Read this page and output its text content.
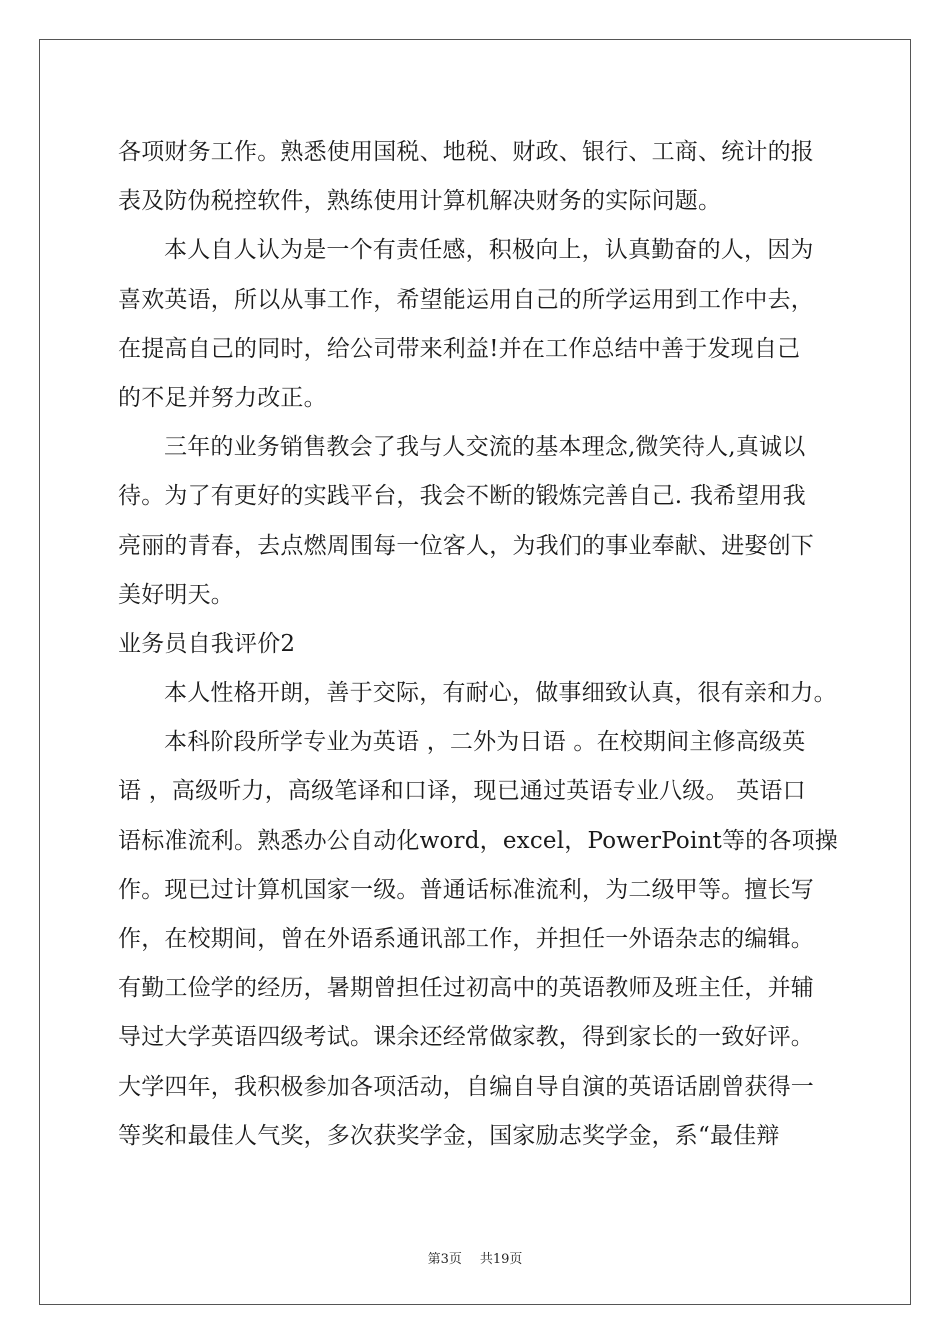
各项财务工作。熟悉使用国税、地税、财政、银行、工商、统计的报
表及防伪税控软件，熟练使用计算机解决财务的实际问题。
本人自人认为是一个有责任感，积极向上，认真勤奋的人，因为
喜欢英语，所以从事工作，希望能运用自己的所学运用到工作中去，
在提高自己的同时，给公司带来利益!并在工作总结中善于发现自己
的不足并努力改正。
三年的业务销售教会了我与人交流的基本理念,微笑待人,真诚以
待。为了有更好的实践平台，我会不断的锻炼完善自己. 我希望用我
亮丽的青春，去点燃周围每一位客人，为我们的事业奉献、进娶创下
美好明天。
业务员自我评价2
本人性格开朗，善于交际，有耐心，做事细致认真，很有亲和力。
本科阶段所学专业为英语 ，二外为日语 。在校期间主修高级英
语 ，高级听力，高级笔译和口译，现已通过英语专业八级。 英语口
语标准流利。熟悉办公自动化word，excel，PowerPoint等的各项操
作。现已过计算机国家一级。普通话标准流利，为二级甲等。擅长写
作，在校期间，曾在外语系通讯部工作，并担任一外语杂志的编辑。
有勤工俭学的经历，暑期曾担任过初高中的英语教师及班主任，并辅
导过大学英语四级考试。课余还经常做家教，得到家长的一致好评。
大学四年，我积极参加各项活动，自编自导自演的英语话剧曾获得一
等奖和最佳人气奖，多次获奖学金，国家励志奖学金，系“最佳辩
第3页 共19页
